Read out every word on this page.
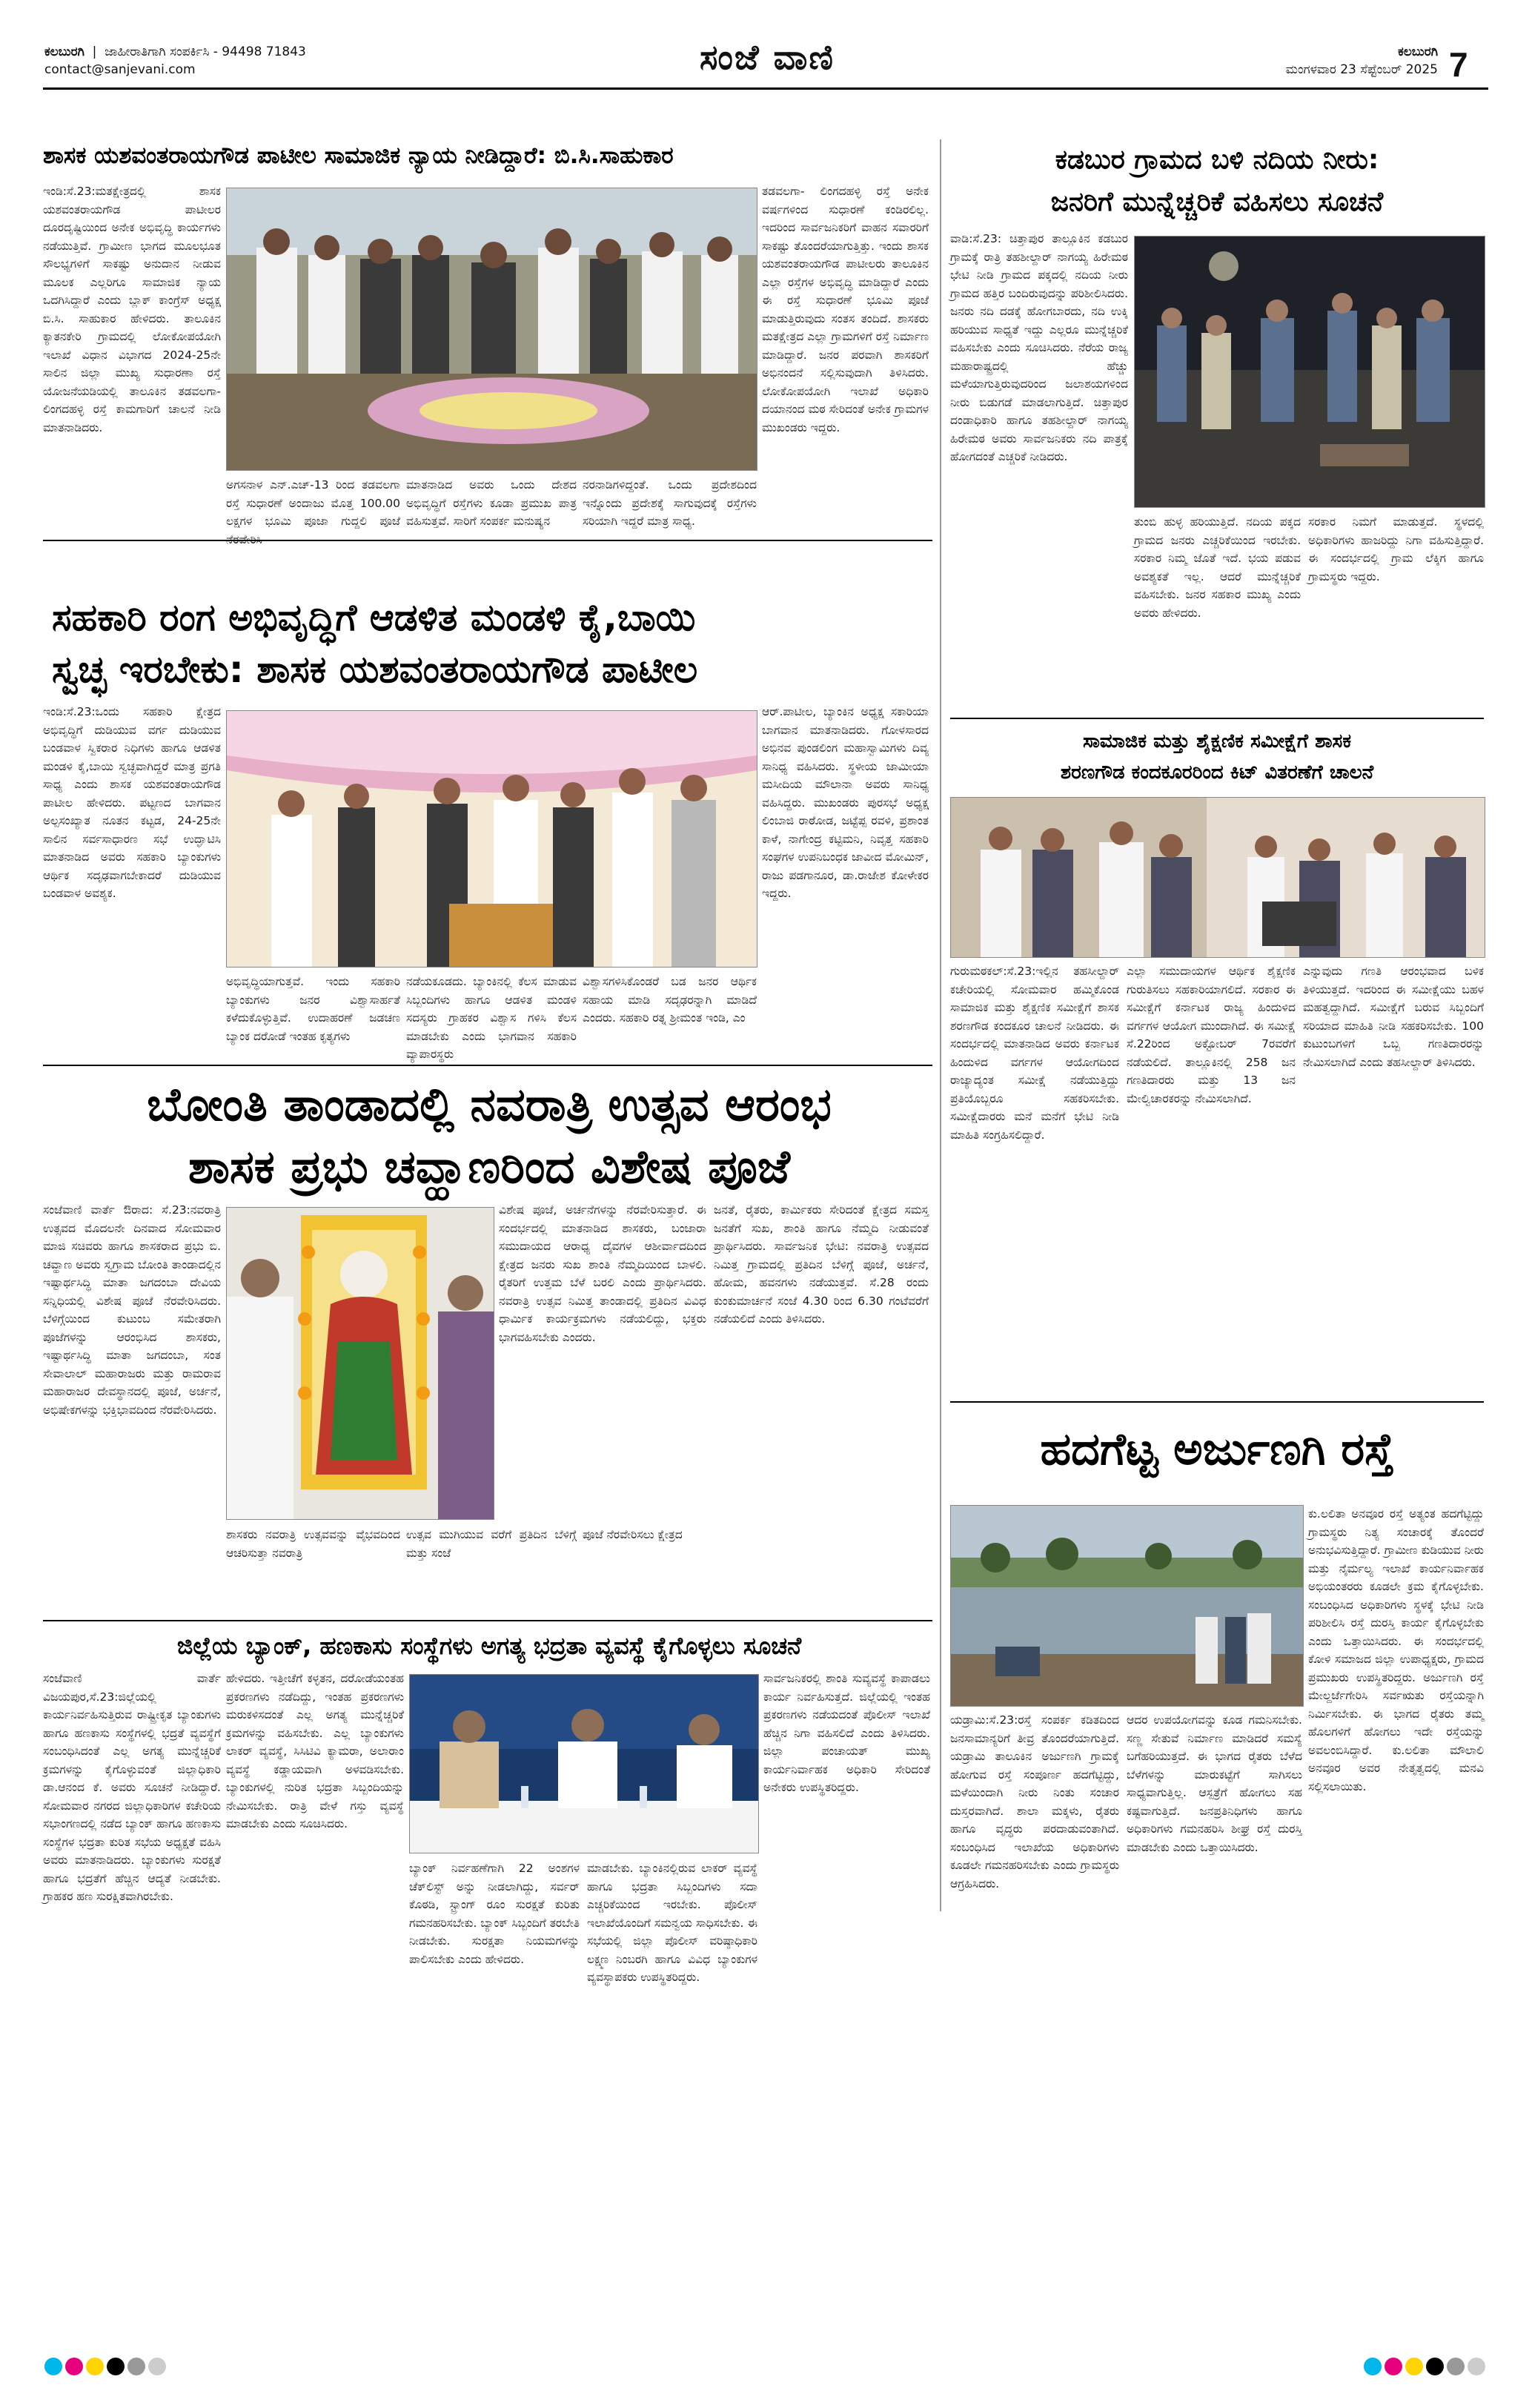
ಕಲಬುರಗಿ  |  ಜಾಹೀರಾತಿಗಾಗಿ ಸಂಪರ್ಕಿಸಿ - 94498 71843
contact@sanjevani.com	ಸಂಜೆ ವಾಣಿ	ಕಲಬುರಗಿ
ಮಂಗಳವಾರ 23 ಸೆಪ್ಟೆಂಬರ್ 2025 7
ಶಾಸಕ ಯಶವಂತರಾಯಗೌಡ ಪಾಟೀಲ ಸಾಮಾಜಿಕ ನ್ಯಾಯ ನೀಡಿದ್ದಾರೆ: ಬಿ.ಸಿ.ಸಾಹುಕಾರ
ಇಂಡಿ:ಸೆ.23:ಮತಕ್ಷೇತ್ರದಲ್ಲಿ ಶಾಸಕ ಯಶವಂತರಾಯಗೌಡ ಪಾಟೀಲರ ದೂರದೃಷ್ಟಿಯಿಂದ ಅನೇಕ ಅಭಿವೃದ್ಧಿ ಕಾರ್ಯಗಳು ನಡೆಯುತ್ತಿವೆ. ಗ್ರಾಮೀಣ ಭಾಗದ ಮೂಲಭೂತ ಸೌಲಭ್ಯಗಳಿಗೆ ಸಾಕಷ್ಟು ಅನುದಾನ ನೀಡುವ ಮೂಲಕ ಎಲ್ಲರಿಗೂ ಸಾಮಾಜಿಕ ನ್ಯಾಯ ಒದಗಿಸಿದ್ದಾರೆ ಎಂದು ಬ್ಲಾಕ್ ಕಾಂಗ್ರೆಸ್ ಅಧ್ಯಕ್ಷ ಬಿ.ಸಿ. ಸಾಹುಕಾರ ಹೇಳಿದರು. ತಾಲೂಕಿನ ಕ್ಯಾತನಕೇರಿ ಗ್ರಾಮದಲ್ಲಿ ಲೋಕೋಪಯೋಗಿ ಇಲಾಖೆ ವಿಧಾನ ವಿಭಾಗದ 2024-25ನೇ ಸಾಲಿನ ಜಿಲ್ಲಾ ಮುಖ್ಯ ಸುಧಾರಣಾ ರಸ್ತೆ ಯೋಜನೆಯಡಿಯಲ್ಲಿ ತಾಲೂಕಿನ ತಡವಲಗಾ-ಲಿಂಗದಹಳ್ಳಿ ರಸ್ತೆ ಕಾಮಗಾರಿಗೆ ಚಾಲನೆ ನೀಡಿ ಮಾತನಾಡಿದರು.
ತಡವಲಗಾ- ಲಿಂಗದಹಳ್ಳಿ ರಸ್ತೆ ಅನೇಕ ವರ್ಷಗಳಿಂದ ಸುಧಾರಣೆ ಕಂಡಿರಲಿಲ್ಲ. ಇದರಿಂದ ಸಾರ್ವಜನಿಕರಿಗೆ ವಾಹನ ಸವಾರರಿಗೆ ಸಾಕಷ್ಟು ತೊಂದರೆಯಾಗುತ್ತಿತ್ತು. ಇಂದು ಶಾಸಕ ಯಶವಂತರಾಯಗೌಡ ಪಾಟೀಲರು ತಾಲೂಕಿನ ಎಲ್ಲಾ ರಸ್ತೆಗಳ ಅಭಿವೃದ್ಧಿ ಮಾಡಿದ್ದಾರೆ ಎಂದು ಈ ರಸ್ತೆ ಸುಧಾರಣೆ ಭೂಮಿ ಪೂಜೆ ಮಾಡುತ್ತಿರುವುದು ಸಂತಸ ತಂದಿದೆ. ಶಾಸಕರು ಮತಕ್ಷೇತ್ರದ ಎಲ್ಲಾ ಗ್ರಾಮಗಳಿಗೆ ರಸ್ತೆ ನಿರ್ಮಾಣ ಮಾಡಿದ್ದಾರೆ. ಜನರ ಪರವಾಗಿ ಶಾಸಕರಿಗೆ ಅಭಿನಂದನೆ ಸಲ್ಲಿಸುವುದಾಗಿ ತಿಳಿಸಿದರು. ಲೋಕೋಪಯೋಗಿ ಇಲಾಖೆ ಅಧಿಕಾರಿ ದಯಾನಂದ ಮಠ ಸೇರಿದಂತೆ ಅನೇಕ ಗ್ರಾಮಗಳ ಮುಖಂಡರು ಇದ್ದರು.
ಅಗಸನಾಳ ಎನ್.ಎಚ್-13 ರಿಂದ ತಡವಲಗಾ ರಸ್ತೆ ಸುಧಾರಣೆ ಅಂದಾಜು ಮೊತ್ತ 100.00 ಲಕ್ಷಗಳ ಭೂಮಿ ಪೂಜಾ ಗುದ್ದಲಿ ಪೂಜೆ
ಮಾತನಾಡಿದ ಅವರು ಒಂದು ದೇಶದ ಅಭಿವೃದ್ಧಿಗೆ ರಸ್ತೆಗಳು ಕೂಡಾ ಪ್ರಮುಖ ಪಾತ್ರ ವಹಿಸುತ್ತವೆ. ಸಾರಿಗೆ ಸಂಪರ್ಕ ಮನುಷ್ಯನ
ನರನಾಡಿಗಳಿದ್ದಂತೆ. ಒಂದು ಪ್ರದೇಶದಿಂದ ಇನ್ನೊಂದು ಪ್ರದೇಶಕ್ಕೆ ಸಾಗುವುದಕ್ಕೆ ರಸ್ತೆಗಳು ಸರಿಯಾಗಿ ಇದ್ದರೆ ಮಾತ್ರ ಸಾಧ್ಯ.
ಕಡಬುರ ಗ್ರಾಮದ ಬಳಿ ನದಿಯ ನೀರು:
ಜನರಿಗೆ ಮುನ್ನೆಚ್ಚರಿಕೆ ವಹಿಸಲು ಸೂಚನೆ
ವಾಡಿ:ಸೆ.23: ಚಿತ್ತಾಪುರ ತಾಲ್ಲೂಕಿನ ಕಡಬುರ ಗ್ರಾಮಕ್ಕೆ ರಾತ್ರಿ ತಹಶೀಲ್ದಾರ್ ನಾಗಯ್ಯ ಹಿರೇಮಠ ಭೇಟಿ ನೀಡಿ ಗ್ರಾಮದ ಪಕ್ಕದಲ್ಲಿ ನದಿಯ ನೀರು ಗ್ರಾಮದ ಹತ್ತಿರ ಬಂದಿರುವುದನ್ನು ಪರಿಶೀಲಿಸಿದರು. ಜನರು ನದಿ ದಡಕ್ಕೆ ಹೋಗಬಾರದು, ನದಿ ಉಕ್ಕಿ ಹರಿಯುವ ಸಾಧ್ಯತೆ ಇದ್ದು ಎಲ್ಲರೂ ಮುನ್ನೆಚ್ಚರಿಕೆ ವಹಿಸಬೇಕು ಎಂದು ಸೂಚಿಸಿದರು. ನೆರೆಯ ರಾಜ್ಯ ಮಹಾರಾಷ್ಟ್ರದಲ್ಲಿ ಹೆಚ್ಚು ಮಳೆಯಾಗುತ್ತಿರುವುದರಿಂದ ಜಲಾಶಯಗಳಿಂದ ನೀರು ಬಿಡುಗಡೆ ಮಾಡಲಾಗುತ್ತಿದೆ. ಚಿತ್ತಾಪುರ ದಂಡಾಧಿಕಾರಿ ಹಾಗೂ ತಹಶೀಲ್ದಾರ್ ನಾಗಯ್ಯ ಹಿರೇಮಠ ಅವರು ಸಾರ್ವಜನಿಕರು ನದಿ ಪಾತ್ರಕ್ಕೆ ಹೋಗದಂತೆ ಎಚ್ಚರಿಕೆ ನೀಡಿದರು.
ತುಂಬಿ ಹುಳ್ಳ ಹರಿಯುತ್ತಿದೆ. ನದಿಯ ಪಕ್ಕದ ಗ್ರಾಮದ ಜನರು ಎಚ್ಚರಿಕೆಯಿಂದ ಇರಬೇಕು. ಸರಕಾರ ನಿಮ್ಮ ಜೊತೆ ಇದೆ. ಭಯ ಪಡುವ ಅವಶ್ಯಕತೆ ಇಲ್ಲ. ಆದರೆ ಮುನ್ನೆಚ್ಚರಿಕೆ ವಹಿಸಬೇಕು. ಜನರ ಸಹಕಾರ ಮುಖ್ಯ ಎಂದು ಅವರು ಹೇಳಿದರು.
ಸರಕಾರ ನಿಮಗೆ ಮಾಡುತ್ತದೆ. ಸ್ಥಳದಲ್ಲಿ ಅಧಿಕಾರಿಗಳು ಹಾಜರಿದ್ದು ನಿಗಾ ವಹಿಸುತ್ತಿದ್ದಾರೆ. ಈ ಸಂದರ್ಭದಲ್ಲಿ ಗ್ರಾಮ ಲೆಕ್ಕಿಗ ಹಾಗೂ ಗ್ರಾಮಸ್ಥರು ಇದ್ದರು.
ಸಹಕಾರಿ ರಂಗ ಅಭಿವೃದ್ಧಿಗೆ ಆಡಳಿತ ಮಂಡಳಿ ಕೈ,ಬಾಯಿ
ಸ್ವಚ್ಛ ಇರಬೇಕು: ಶಾಸಕ ಯಶವಂತರಾಯಗೌಡ ಪಾಟೀಲ
ಇಂಡಿ:ಸೆ.23:ಒಂದು ಸಹಕಾರಿ ಕ್ಷೇತ್ರದ ಅಭಿವೃದ್ಧಿಗೆ ದುಡಿಯುವ ವರ್ಗ ದುಡಿಯುವ ಬಂಡವಾಳ ಸ್ವಿಕರಾರ ನಿಧಿಗಳು ಹಾಗೂ ಆಡಳಿತ ಮಂಡಳಿ ಕೈ,ಬಾಯಿ ಸ್ವಚ್ಛವಾಗಿದ್ದರೆ ಮಾತ್ರ ಪ್ರಗತಿ ಸಾಧ್ಯ ಎಂದು ಶಾಸಕ ಯಶವಂತರಾಯಗೌಡ ಪಾಟೀಲ ಹೇಳಿದರು. ಪಟ್ಟಣದ ಬಾಗವಾನ ಅಲ್ಪಸಂಖ್ಯಾತ ನೂತನ ಕಟ್ಟಡ, 24-25ನೇ ಸಾಲಿನ ಸರ್ವಸಾಧಾರಣ ಸಭೆ ಉದ್ಘಾಟಿಸಿ ಮಾತನಾಡಿದ ಅವರು ಸಹಕಾರಿ ಬ್ಯಾಂಕುಗಳು ಆರ್ಥಿಕ ಸದೃಢವಾಗಬೇಕಾದರೆ ದುಡಿಯುವ ಬಂಡವಾಳ ಅವಶ್ಯಕ.
ಆರ್.ಪಾಟೀಲ, ಬ್ಯಾಂಕಿನ ಅಧ್ಯಕ್ಷ ಸಕಾರಿಯಾ ಬಾಗವಾನ ಮಾತನಾಡಿದರು. ಗೋಳಸಾರದ ಅಭಿನವ ಪುಂಡಲಿಂಗ ಮಹಾಸ್ವಾಮಿಗಳು ದಿವ್ಯ ಸಾನಿಧ್ಯ ವಹಿಸಿದರು. ಸ್ಥಳೀಯ ಜಾಮೀಯಾ ಮಸೀದಿಯ ಮೌಲಾನಾ ಅವರು ಸಾನಿಧ್ಯ ವಹಿಸಿದ್ದರು. ಮುಖಂಡರು ಪುರಸಭೆ ಅಧ್ಯಕ್ಷ ಲಿಂಬಾಜಿ ರಾಠೋಡ, ಜಟ್ಟೆಪ್ಪ ರವಳಿ, ಪ್ರಶಾಂತ ಕಾಳೆ, ನಾಗೇಂದ್ರ ಕಟ್ಟಿಮನಿ, ನಿವೃತ್ತ ಸಹಕಾರಿ ಸಂಘಗಳ ಉಪನಿಬಂಧಕ ಜಾವೀದ ಮೋಮಿನ್, ರಾಜು ಪಡಗಾನೂರ, ಡಾ.ರಾಜೇಶ ಕೋಳೇಕರ ಇದ್ದರು.
ಅಭಿವೃದ್ಧಿಯಾಗುತ್ತವೆ. ಇಂದು ಸಹಕಾರಿ ಬ್ಯಾಂಕುಗಳು ಜನರ ವಿಶ್ವಾಸಾರ್ಹತೆ ಕಳೆದುಕೊಳ್ಳುತ್ತಿವೆ. ಉದಾಹರಣೆ ಜಡಚಣ ಬ್ಯಾಂಕ ದರೋಡೆ ಇಂತಹ ಕೃತ್ಯಗಳು
ನಡೆಯಕೂಡದು. ಬ್ಯಾಂಕಿನಲ್ಲಿ ಕೆಲಸ ಮಾಡುವ ಸಿಬ್ಬಂದಿಗಳು ಹಾಗೂ ಆಡಳಿತ ಮಂಡಳಿ ಸದಸ್ಯರು ಗ್ರಾಹಕರ ವಿಶ್ವಾಸ ಗಳಿಸಿ ಕೆಲಸ ಮಾಡಬೇಕು ಎಂದು ಭಾಗವಾನ ಸಹಕಾರಿ ವ್ಯಾಪಾರಸ್ಥರು
ವಿಶ್ವಾಸಗಳಿಸಿಕೊಂಡರೆ ಬಡ ಜನರ ಆರ್ಥಿಕ ಸಹಾಯ ಮಾಡಿ ಸದೃಢರನ್ನಾಗಿ ಮಾಡಿದೆ ಎಂದರು. ಸಹಕಾರಿ ರತ್ನ ಶ್ರೀಮಂತ ಇಂಡಿ, ಎಂ
ಸಾಮಾಜಿಕ ಮತ್ತು ಶೈಕ್ಷಣಿಕ ಸಮೀಕ್ಷೆಗೆ ಶಾಸಕ
ಶರಣಗೌಡ ಕಂದಕೂರರಿಂದ ಕಿಟ್ ವಿತರಣೆಗೆ ಚಾಲನೆ
ಗುರುಮಠಕಲ್:ಸೆ.23:ಇಲ್ಲಿನ ತಹಸೀಲ್ದಾರ್ ಕಚೇರಿಯಲ್ಲಿ ಸೋಮವಾರ ಹಮ್ಮಿಕೊಂಡ ಸಾಮಾಜಿಕ ಮತ್ತು ಶೈಕ್ಷಣಿಕ ಸಮೀಕ್ಷೆಗೆ ಶಾಸಕ ಶರಣಗೌಡ ಕಂದಕೂರ ಚಾಲನೆ ನೀಡಿದರು. ಈ ಸಂದರ್ಭದಲ್ಲಿ ಮಾತನಾಡಿದ ಅವರು ಕರ್ನಾಟಕ ಹಿಂದುಳಿದ ವರ್ಗಗಳ ಆಯೋಗದಿಂದ ರಾಜ್ಯಾದ್ಯಂತ ಸಮೀಕ್ಷೆ ನಡೆಯುತ್ತಿದ್ದು ಪ್ರತಿಯೊಬ್ಬರೂ ಸಹಕರಿಸಬೇಕು. ಸಮೀಕ್ಷೆದಾರರು ಮನೆ ಮನೆಗೆ ಭೇಟಿ ನೀಡಿ ಮಾಹಿತಿ ಸಂಗ್ರಹಿಸಲಿದ್ದಾರೆ.
ಎಲ್ಲಾ ಸಮುದಾಯಗಳ ಆರ್ಥಿಕ ಶೈಕ್ಷಣಿಕ ಗುರುತಿಸಲು ಸಹಕಾರಿಯಾಗಲಿದೆ. ಸರಕಾರ ಈ ಸಮೀಕ್ಷೆಗೆ ಕರ್ನಾಟಕ ರಾಜ್ಯ ಹಿಂದುಳಿದ ವರ್ಗಗಳ ಆಯೋಗ ಮುಂದಾಗಿದೆ. ಈ ಸಮೀಕ್ಷೆ ಸೆ.22ರಿಂದ ಅಕ್ಟೋಬರ್ 7ರವರೆಗೆ ನಡೆಯಲಿದೆ. ತಾಲ್ಲೂಕಿನಲ್ಲಿ 258 ಜನ ಗಣತಿದಾರರು ಮತ್ತು 13 ಜನ ಮೇಲ್ವಿಚಾರಕರನ್ನು ನೇಮಿಸಲಾಗಿದೆ.
ಎನ್ನುವುದು ಗಣತಿ ಆರಂಭವಾದ ಬಳಿಕ ತಿಳಿಯುತ್ತದೆ. ಇದರಿಂದ ಈ ಸಮೀಕ್ಷೆಯು ಬಹಳ ಮಹತ್ವದ್ದಾಗಿದೆ. ಸಮೀಕ್ಷೆಗೆ ಬರುವ ಸಿಬ್ಬಂದಿಗೆ ಸರಿಯಾದ ಮಾಹಿತಿ ನೀಡಿ ಸಹಕರಿಸಬೇಕು. 100 ಕುಟುಂಬಗಳಿಗೆ ಒಬ್ಬ ಗಣತಿದಾರರನ್ನು ನೇಮಿಸಲಾಗಿದೆ ಎಂದು ತಹಸೀಲ್ದಾರ್ ತಿಳಿಸಿದರು.
ಬೋಂತಿ ತಾಂಡಾದಲ್ಲಿ ನವರಾತ್ರಿ ಉತ್ಸವ ಆರಂಭ
ಶಾಸಕ ಪ್ರಭು ಚವ್ಹಾಣರಿಂದ ವಿಶೇಷ ಪೂಜೆ
ಸಂಜೆವಾಣಿ ವಾರ್ತೆ ಔರಾದ: ಸೆ.23:ನವರಾತ್ರಿ ಉತ್ಸವದ ಮೊದಲನೇ ದಿನವಾದ ಸೋಮವಾರ ಮಾಜಿ ಸಚಿವರು ಹಾಗೂ ಶಾಸಕರಾದ ಪ್ರಭು ಬಿ. ಚವ್ಹಾಣ ಅವರು ಸ್ವಗ್ರಾಮ ಬೋಂತಿ ತಾಂಡಾದಲ್ಲಿನ ಇಷ್ಟಾರ್ಥಸಿದ್ಧಿ ಮಾತಾ ಜಗದಂಬಾ ದೇವಿಯ ಸನ್ನಿಧಿಯಲ್ಲಿ ವಿಶೇಷ ಪೂಜೆ ನೆರವೇರಿಸಿದರು. ಬೆಳಿಗ್ಗೆಯಿಂದ ಕುಟುಂಬ ಸಮೇತರಾಗಿ ಪೂಜೆಗಳನ್ನು ಆರಂಭಿಸಿದ ಶಾಸಕರು, ಇಷ್ಟಾರ್ಥಸಿದ್ಧಿ ಮಾತಾ ಜಗದಂಬಾ, ಸಂತ ಸೇವಾಲಾಲ್ ಮಹಾರಾಜರು ಮತ್ತು ರಾಮರಾವ ಮಹಾರಾಜರ ದೇವಸ್ಥಾನದಲ್ಲಿ ಪೂಜೆ, ಅರ್ಚನೆ, ಅಭಿಷೇಕಗಳನ್ನು ಭಕ್ತಿಭಾವದಿಂದ ನೆರವೇರಿಸಿದರು.
ವಿಶೇಷ ಪೂಜೆ, ಅರ್ಚನೆಗಳನ್ನು ನೆರವೇರಿಸುತ್ತಾರೆ. ಈ ಸಂದರ್ಭದಲ್ಲಿ ಮಾತನಾಡಿದ ಶಾಸಕರು, ಬಂಜಾರಾ ಸಮುದಾಯದ ಆರಾಧ್ಯ ದೈವಗಳ ಆಶೀರ್ವಾದದಿಂದ ಕ್ಷೇತ್ರದ ಜನರು ಸುಖ ಶಾಂತಿ ನೆಮ್ಮದಿಯಿಂದ ಬಾಳಲಿ. ರೈತರಿಗೆ ಉತ್ತಮ ಬೆಳೆ ಬರಲಿ ಎಂದು ಪ್ರಾರ್ಥಿಸಿದರು. ನವರಾತ್ರಿ ಉತ್ಸವ ನಿಮಿತ್ತ ತಾಂಡಾದಲ್ಲಿ ಪ್ರತಿದಿನ ವಿವಿಧ ಧಾರ್ಮಿಕ ಕಾರ್ಯಕ್ರಮಗಳು ನಡೆಯಲಿದ್ದು, ಭಕ್ತರು ಭಾಗವಹಿಸಬೇಕು ಎಂದರು.
ಜನತೆ, ರೈತರು, ಕಾರ್ಮಿಕರು ಸೇರಿದಂತೆ ಕ್ಷೇತ್ರದ ಸಮಸ್ತ ಜನತೆಗೆ ಸುಖ, ಶಾಂತಿ ಹಾಗೂ ನೆಮ್ಮದಿ ನೀಡುವಂತೆ ಪ್ರಾರ್ಥಿಸಿದರು. ಸಾರ್ವಜನಿಕ ಭೇಟಿ: ನವರಾತ್ರಿ ಉತ್ಸವದ ನಿಮಿತ್ತ ಗ್ರಾಮದಲ್ಲಿ ಪ್ರತಿದಿನ ಬೆಳಿಗ್ಗೆ ಪೂಜೆ, ಅರ್ಚನೆ, ಹೋಮ, ಹವನಗಳು ನಡೆಯುತ್ತವೆ. ಸೆ.28 ರಂದು ಕುಂಕುಮಾರ್ಚನೆ ಸಂಜೆ 4.30 ರಿಂದ 6.30 ಗಂಟೆವರೆಗೆ ನಡೆಯಲಿದೆ ಎಂದು ತಿಳಿಸಿದರು.
ಶಾಸಕರು ನವರಾತ್ರಿ ಉತ್ಸವವನ್ನು ವೈಭವದಿಂದ ಆಚರಿಸುತ್ತಾ ನವರಾತ್ರಿ
ಉತ್ಸವ ಮುಗಿಯುವ ವರೆಗೆ ಪ್ರತಿದಿನ ಬೆಳಿಗ್ಗೆ ಮತ್ತು ಸಂಜೆ
ಪೂಜೆ ನೆರವೇರಿಸಲು ಕ್ಷೇತ್ರದ
ಹದಗೆಟ್ಟ ಅರ್ಜುಣಗಿ ರಸ್ತೆ
ಕು.ಲಲಿತಾ ಅನವೂರ ರಸ್ತೆ ಅತ್ಯಂತ ಹದಗೆಟ್ಟಿದ್ದು ಗ್ರಾಮಸ್ಥರು ನಿತ್ಯ ಸಂಚಾರಕ್ಕೆ ತೊಂದರೆ ಅನುಭವಿಸುತ್ತಿದ್ದಾರೆ. ಗ್ರಾಮೀಣ ಕುಡಿಯುವ ನೀರು ಮತ್ತು ನೈರ್ಮಲ್ಯ ಇಲಾಖೆ ಕಾರ್ಯನಿರ್ವಾಹಕ ಅಭಿಯಂತರರು ಕೂಡಲೇ ಕ್ರಮ ಕೈಗೊಳ್ಳಬೇಕು. ಸಂಬಂಧಿಸಿದ ಅಧಿಕಾರಿಗಳು ಸ್ಥಳಕ್ಕೆ ಭೇಟಿ ನೀಡಿ ಪರಿಶೀಲಿಸಿ ರಸ್ತೆ ದುರಸ್ತಿ ಕಾರ್ಯ ಕೈಗೊಳ್ಳಬೇಕು ಎಂದು ಒತ್ತಾಯಿಸಿದರು. ಈ ಸಂದರ್ಭದಲ್ಲಿ ಕೋಳಿ ಸಮಾಜದ ಜಿಲ್ಲಾ ಉಪಾಧ್ಯಕ್ಷರು, ಗ್ರಾಮದ ಪ್ರಮುಖರು ಉಪಸ್ಥಿತರಿದ್ದರು. ಅರ್ಜುಣಗಿ ರಸ್ತೆ ಮೇಲ್ದರ್ಜೆಗೇರಿಸಿ ಸರ್ವಋತು ರಸ್ತೆಯನ್ನಾಗಿ ನಿರ್ಮಿಸಬೇಕು. ಈ ಭಾಗದ ರೈತರು ತಮ್ಮ ಹೊಲಗಳಿಗೆ ಹೋಗಲು ಇದೇ ರಸ್ತೆಯನ್ನು ಅವಲಂಬಿಸಿದ್ದಾರೆ. ಕು.ಲಲಿತಾ ಮೌಲಾಲಿ ಅನವೂರ ಅವರ ನೇತೃತ್ವದಲ್ಲಿ ಮನವಿ ಸಲ್ಲಿಸಲಾಯಿತು.
ಯಡ್ರಾಮಿ:ಸೆ.23:ರಸ್ತೆ ಸಂಪರ್ಕ ಕಡಿತದಿಂದ ಜನಸಾಮಾನ್ಯರಿಗೆ ತೀವ್ರ ತೊಂದರೆಯಾಗುತ್ತಿದೆ. ಯಡ್ರಾಮಿ ತಾಲೂಕಿನ ಅರ್ಜುಣಗಿ ಗ್ರಾಮಕ್ಕೆ ಹೋಗುವ ರಸ್ತೆ ಸಂಪೂರ್ಣ ಹದಗೆಟ್ಟಿದ್ದು, ಮಳೆಯಿಂದಾಗಿ ನೀರು ನಿಂತು ಸಂಚಾರ ದುಸ್ತರವಾಗಿದೆ. ಶಾಲಾ ಮಕ್ಕಳು, ರೈತರು ಹಾಗೂ ವೃದ್ಧರು ಪರದಾಡುವಂತಾಗಿದೆ. ಸಂಬಂಧಿಸಿದ ಇಲಾಖೆಯ ಅಧಿಕಾರಿಗಳು ಕೂಡಲೇ ಗಮನಹರಿಸಬೇಕು ಎಂದು ಗ್ರಾಮಸ್ಥರು ಆಗ್ರಹಿಸಿದರು.
ಆದರ ಉಪಯೋಗವನ್ನು ಕೂಡ ಗಮನಿಸಬೇಕು. ಸಣ್ಣ ಸೇತುವೆ ನಿರ್ಮಾಣ ಮಾಡಿದರೆ ಸಮಸ್ಯೆ ಬಗೆಹರಿಯುತ್ತದೆ. ಈ ಭಾಗದ ರೈತರು ಬೆಳೆದ ಬೆಳೆಗಳನ್ನು ಮಾರುಕಟ್ಟೆಗೆ ಸಾಗಿಸಲು ಸಾಧ್ಯವಾಗುತ್ತಿಲ್ಲ. ಆಸ್ಪತ್ರೆಗೆ ಹೋಗಲು ಸಹ ಕಷ್ಟವಾಗುತ್ತಿದೆ. ಜನಪ್ರತಿನಿಧಿಗಳು ಹಾಗೂ ಅಧಿಕಾರಿಗಳು ಗಮನಹರಿಸಿ ಶೀಘ್ರ ರಸ್ತೆ ದುರಸ್ತಿ ಮಾಡಬೇಕು ಎಂದು ಒತ್ತಾಯಿಸಿದರು.
ಜಿಲ್ಲೆಯ ಬ್ಯಾಂಕ್, ಹಣಕಾಸು ಸಂಸ್ಥೆಗಳು ಅಗತ್ಯ ಭದ್ರತಾ ವ್ಯವಸ್ಥೆ ಕೈಗೊಳ್ಳಲು ಸೂಚನೆ
ಸಂಜೆವಾಣಿ ವಾರ್ತೆ ವಿಜಯಪುರ,ಸೆ.23:ಜಿಲ್ಲೆಯಲ್ಲಿ ಕಾರ್ಯನಿರ್ವಹಿಸುತ್ತಿರುವ ರಾಷ್ಟ್ರೀಕೃತ ಬ್ಯಾಂಕುಗಳು ಹಾಗೂ ಹಣಕಾಸು ಸಂಸ್ಥೆಗಳಲ್ಲಿ ಭದ್ರತೆ ವ್ಯವಸ್ಥೆಗೆ ಸಂಬಂಧಿಸಿದಂತೆ ಎಲ್ಲ ಅಗತ್ಯ ಮುನ್ನೆಚ್ಚರಿಕೆ ಕ್ರಮಗಳನ್ನು ಕೈಗೊಳ್ಳುವಂತೆ ಜಿಲ್ಲಾಧಿಕಾರಿ ಡಾ.ಆನಂದ ಕೆ. ಅವರು ಸೂಚನೆ ನೀಡಿದ್ದಾರೆ. ಸೋಮವಾರ ನಗರದ ಜಿಲ್ಲಾಧಿಕಾರಿಗಳ ಕಚೇರಿಯ ಸಭಾಂಗಣದಲ್ಲಿ ನಡೆದ ಬ್ಯಾಂಕ್ ಹಾಗೂ ಹಣಕಾಸು ಸಂಸ್ಥೆಗಳ ಭದ್ರತಾ ಕುರಿತ ಸಭೆಯ ಅಧ್ಯಕ್ಷತೆ ವಹಿಸಿ ಅವರು ಮಾತನಾಡಿದರು. ಬ್ಯಾಂಕುಗಳು ಸುರಕ್ಷತೆ ಹಾಗೂ ಭದ್ರತೆಗೆ ಹೆಚ್ಚಿನ ಆದ್ಯತೆ ನೀಡಬೇಕು. ಗ್ರಾಹಕರ ಹಣ ಸುರಕ್ಷಿತವಾಗಿರಬೇಕು.
ಹೇಳಿದರು. ಇತ್ತೀಚೆಗೆ ಕಳ್ಳತನ, ದರೋಡೆಯಂತಹ ಪ್ರಕರಣಗಳು ನಡೆದಿದ್ದು, ಇಂತಹ ಪ್ರಕರಣಗಳು ಮರುಕಳಿಸದಂತೆ ಎಲ್ಲ ಅಗತ್ಯ ಮುನ್ನೆಚ್ಚರಿಕೆ ಕ್ರಮಗಳನ್ನು ವಹಿಸಬೇಕು. ಎಲ್ಲ ಬ್ಯಾಂಕುಗಳು ಲಾಕರ್ ವ್ಯವಸ್ಥೆ, ಸಿಸಿಟಿವಿ ಕ್ಯಾಮರಾ, ಅಲಾರಾಂ ವ್ಯವಸ್ಥೆ ಕಡ್ಡಾಯವಾಗಿ ಅಳವಡಿಸಬೇಕು. ಬ್ಯಾಂಕುಗಳಲ್ಲಿ ನುರಿತ ಭದ್ರತಾ ಸಿಬ್ಬಂದಿಯನ್ನು ನೇಮಿಸಬೇಕು. ರಾತ್ರಿ ವೇಳೆ ಗಸ್ತು ವ್ಯವಸ್ಥೆ ಮಾಡಬೇಕು ಎಂದು ಸೂಚಿಸಿದರು.
ಬ್ಯಾಂಕ್ ನಿರ್ವಹಣೆಗಾಗಿ 22 ಅಂಶಗಳ ಚೆಕ್‌ಲಿಸ್ಟ್ ಅನ್ನು ನೀಡಲಾಗಿದ್ದು, ಸರ್ವರ್ ಕೊಠಡಿ, ಸ್ಟ್ರಾಂಗ್ ರೂಂ ಸುರಕ್ಷತೆ ಕುರಿತು ಗಮನಹರಿಸಬೇಕು. ಬ್ಯಾಂಕ್ ಸಿಬ್ಬಂದಿಗೆ ತರಬೇತಿ ನೀಡಬೇಕು. ಸುರಕ್ಷತಾ ನಿಯಮಗಳನ್ನು ಪಾಲಿಸಬೇಕು ಎಂದು ಹೇಳಿದರು.
ಮಾಡಬೇಕು. ಬ್ಯಾಂಕಿನಲ್ಲಿರುವ ಲಾಕರ್ ವ್ಯವಸ್ಥೆ ಹಾಗೂ ಭದ್ರತಾ ಸಿಬ್ಬಂದಿಗಳು ಸದಾ ಎಚ್ಚರಿಕೆಯಿಂದ ಇರಬೇಕು. ಪೊಲೀಸ್ ಇಲಾಖೆಯೊಂದಿಗೆ ಸಮನ್ವಯ ಸಾಧಿಸಬೇಕು. ಈ ಸಭೆಯಲ್ಲಿ ಜಿಲ್ಲಾ ಪೊಲೀಸ್ ವರಿಷ್ಠಾಧಿಕಾರಿ ಲಕ್ಷ್ಮಣ ನಿಂಬರಗಿ ಹಾಗೂ ವಿವಿಧ ಬ್ಯಾಂಕುಗಳ ವ್ಯವಸ್ಥಾಪಕರು ಉಪಸ್ಥಿತರಿದ್ದರು.
ಸಾರ್ವಜನಿಕರಲ್ಲಿ ಶಾಂತಿ ಸುವ್ಯವಸ್ಥೆ ಕಾಪಾಡಲು ಕಾರ್ಯ ನಿರ್ವಹಿಸುತ್ತದೆ. ಜಿಲ್ಲೆಯಲ್ಲಿ ಇಂತಹ ಪ್ರಕರಣಗಳು ನಡೆಯದಂತೆ ಪೊಲೀಸ್ ಇಲಾಖೆ ಹೆಚ್ಚಿನ ನಿಗಾ ವಹಿಸಲಿದೆ ಎಂದು ತಿಳಿಸಿದರು. ಜಿಲ್ಲಾ ಪಂಚಾಯತ್ ಮುಖ್ಯ ಕಾರ್ಯನಿರ್ವಾಹಕ ಅಧಿಕಾರಿ ಸೇರಿದಂತೆ ಅನೇಕರು ಉಪಸ್ಥಿತರಿದ್ದರು.
